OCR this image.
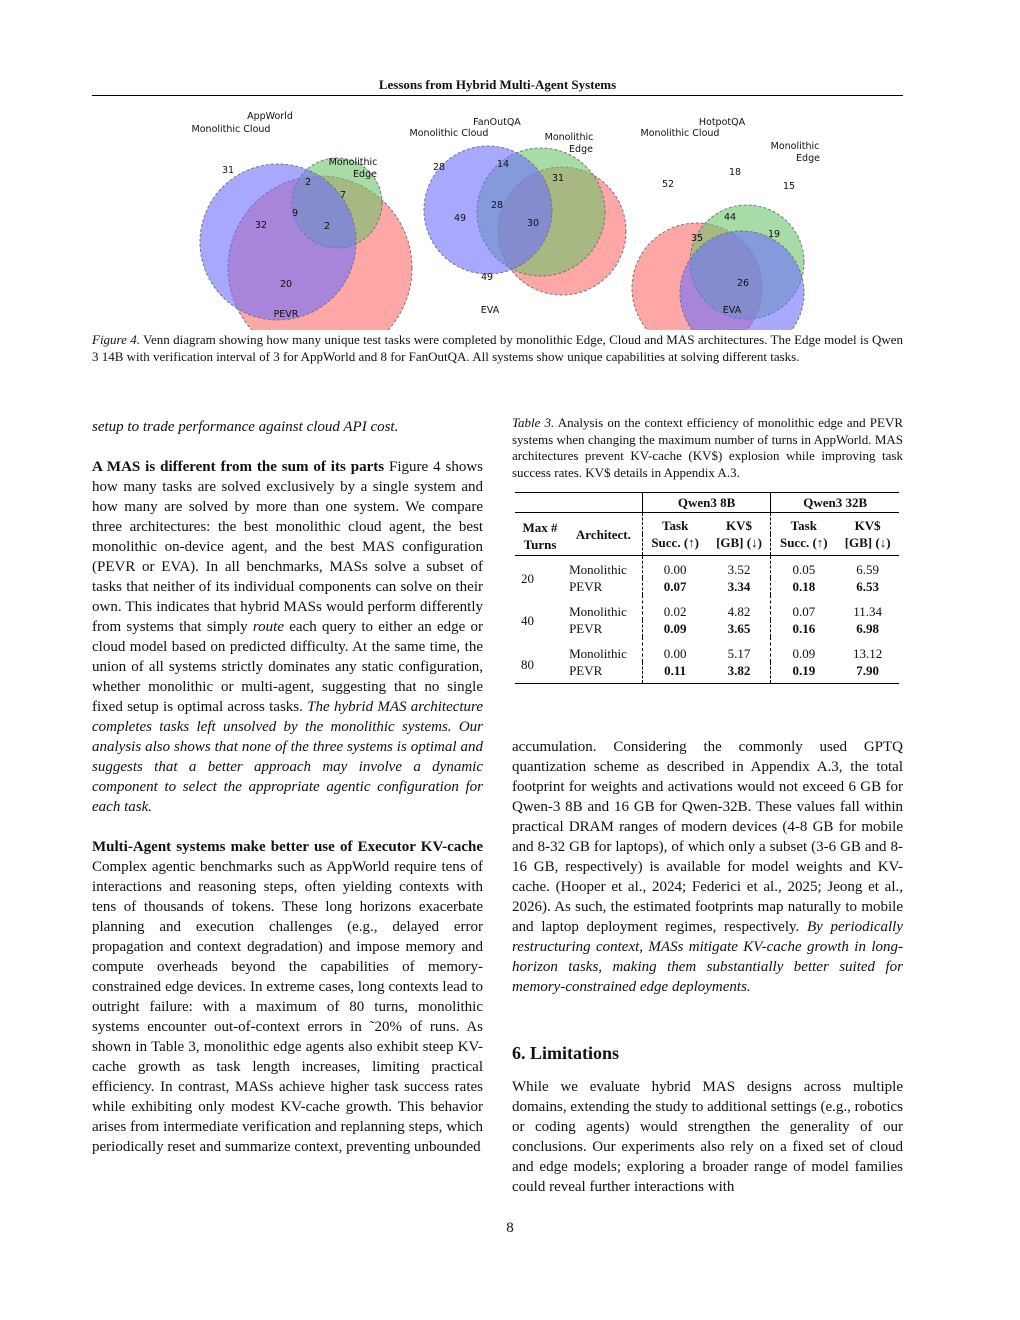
Lessons from Hybrid Multi-Agent Systems
AppWorld
Monolithic Cloud
Monolithic
Edge
PEVR
31
2
7
32
9
2
20
FanOutQA
Monolithic Cloud	Monolithic
Edge
EVA
28	14
31
49
28
30
49
HotpotQA
Monolithic Cloud
Monolithic
Edge
EVA
52
18
15
35
44
19
26
Figure 4. Venn diagram showing how many unique test tasks were completed by monolithic Edge, Cloud and MAS architectures. The Edge model is Qwen 3 14B with verification interval of 3 for AppWorld and 8 for FanOutQA. All systems show unique capabilities at solving different tasks.

setup to trade performance against cloud API cost.

A MAS is different from the sum of its parts Figure 4 shows how many tasks are solved exclusively by a single system and how many are solved by more than one system. We compare three architectures: the best monolithic cloud agent, the best monolithic on-device agent, and the best MAS configuration (PEVR or EVA). In all benchmarks, MASs solve a subset of tasks that neither of its individual components can solve on their own. This indicates that hybrid MASs would perform differently from systems that simply route each query to either an edge or cloud model based on predicted difficulty. At the same time, the union of all systems strictly dominates any static configuration, whether monolithic or multi-agent, suggesting that no single fixed setup is optimal across tasks. The hybrid MAS architecture completes tasks left unsolved by the monolithic systems. Our analysis also shows that none of the three systems is optimal and suggests that a better approach may involve a dynamic component to select the appropriate agentic configuration for each task.

Multi-Agent systems make better use of Executor KV-cache Complex agentic benchmarks such as AppWorld require tens of interactions and reasoning steps, often yielding contexts with tens of thousands of tokens. These long horizons exacerbate planning and execution challenges (e.g., delayed error propagation and context degradation) and impose memory and compute overheads beyond the capabilities of memory-constrained edge devices. In extreme cases, long contexts lead to outright failure: with a maximum of 80 turns, monolithic systems encounter out-of-context errors in ˜20% of runs. As shown in Table 3, monolithic edge agents also exhibit steep KV-cache growth as task length increases, limiting practical efficiency. In contrast, MASs achieve higher task success rates while exhibiting only modest KV-cache growth. This behavior arises from intermediate verification and replanning steps, which periodically reset and summarize context, preventing unbounded

Table 3. Analysis on the context efficiency of monolithic edge and PEVR systems when changing the maximum number of turns in AppWorld. MAS architectures prevent KV-cache (KV$) explosion while improving task success rates. KV$ details in Appendix A.3.
		Qwen3 8B		Qwen3 32B	
Max #
Turns	Architect.	Task	KV$	Task	KV$
		Succ. (↑)	[GB] (↓)	Succ. (↑)	[GB] (↓)
20	Monolithic	0.00	3.52	0.05	6.59
	PEVR	0.07	3.34	0.18	6.53
40	Monolithic	0.02	4.82	0.07	11.34
	PEVR	0.09	3.65	0.16	6.98
80	Monolithic	0.00	5.17	0.09	13.12
	PEVR	0.11	3.82	0.19	7.90

accumulation. Considering the commonly used GPTQ quantization scheme as described in Appendix A.3, the total footprint for weights and activations would not exceed 6 GB for Qwen-3 8B and 16 GB for Qwen-32B. These values fall within practical DRAM ranges of modern devices (4-8 GB for mobile and 8-32 GB for laptops), of which only a subset (3-6 GB and 8-16 GB, respectively) is available for model weights and KV-cache. (Hooper et al., 2024; Federici et al., 2025; Jeong et al., 2026). As such, the estimated footprints map naturally to mobile and laptop deployment regimes, respectively. By periodically restructuring context, MASs mitigate KV-cache growth in long-horizon tasks, making them substantially better suited for memory-constrained edge deployments.

6. Limitations

While we evaluate hybrid MAS designs across multiple domains, extending the study to additional settings (e.g., robotics or coding agents) would strengthen the generality of our conclusions. Our experiments also rely on a fixed set of cloud and edge models; exploring a broader range of model families could reveal further interactions with

8
